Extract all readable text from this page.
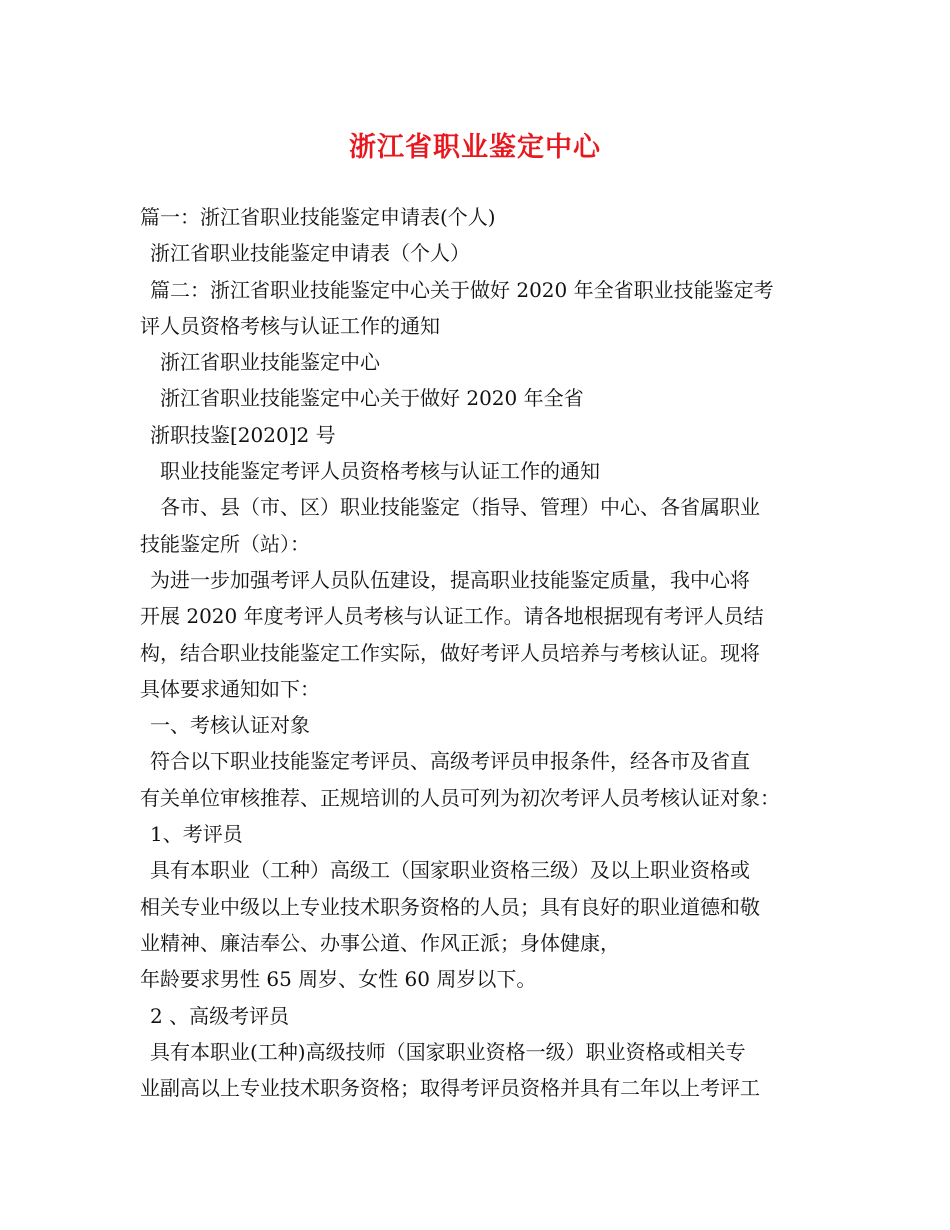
浙江省职业鉴定中心
篇一：浙江省职业技能鉴定申请表(个人)
浙江省职业技能鉴定申请表（个人）
篇二：浙江省职业技能鉴定中心关于做好 2020 年全省职业技能鉴定考
评人员资格考核与认证工作的通知
浙江省职业技能鉴定中心
浙江省职业技能鉴定中心关于做好 2020 年全省
浙职技鉴[2020]2 号
职业技能鉴定考评人员资格考核与认证工作的通知
各市、县（市、区）职业技能鉴定（指导、管理）中心、各省属职业
技能鉴定所（站）：
为进一步加强考评人员队伍建设，提高职业技能鉴定质量，我中心将
开展 2020 年度考评人员考核与认证工作。请各地根据现有考评人员结
构，结合职业技能鉴定工作实际，做好考评人员培养与考核认证。现将
具体要求通知如下：
一、考核认证对象
符合以下职业技能鉴定考评员、高级考评员申报条件，经各市及省直
有关单位审核推荐、正规培训的人员可列为初次考评人员考核认证对象：
1、考评员
具有本职业（工种）高级工（国家职业资格三级）及以上职业资格或
相关专业中级以上专业技术职务资格的人员；具有良好的职业道德和敬
业精神、廉洁奉公、办事公道、作风正派；身体健康，
年龄要求男性 65 周岁、女性 60 周岁以下。
2 、高级考评员
具有本职业(工种)高级技师（国家职业资格一级）职业资格或相关专
业副高以上专业技术职务资格；取得考评员资格并具有二年以上考评工
